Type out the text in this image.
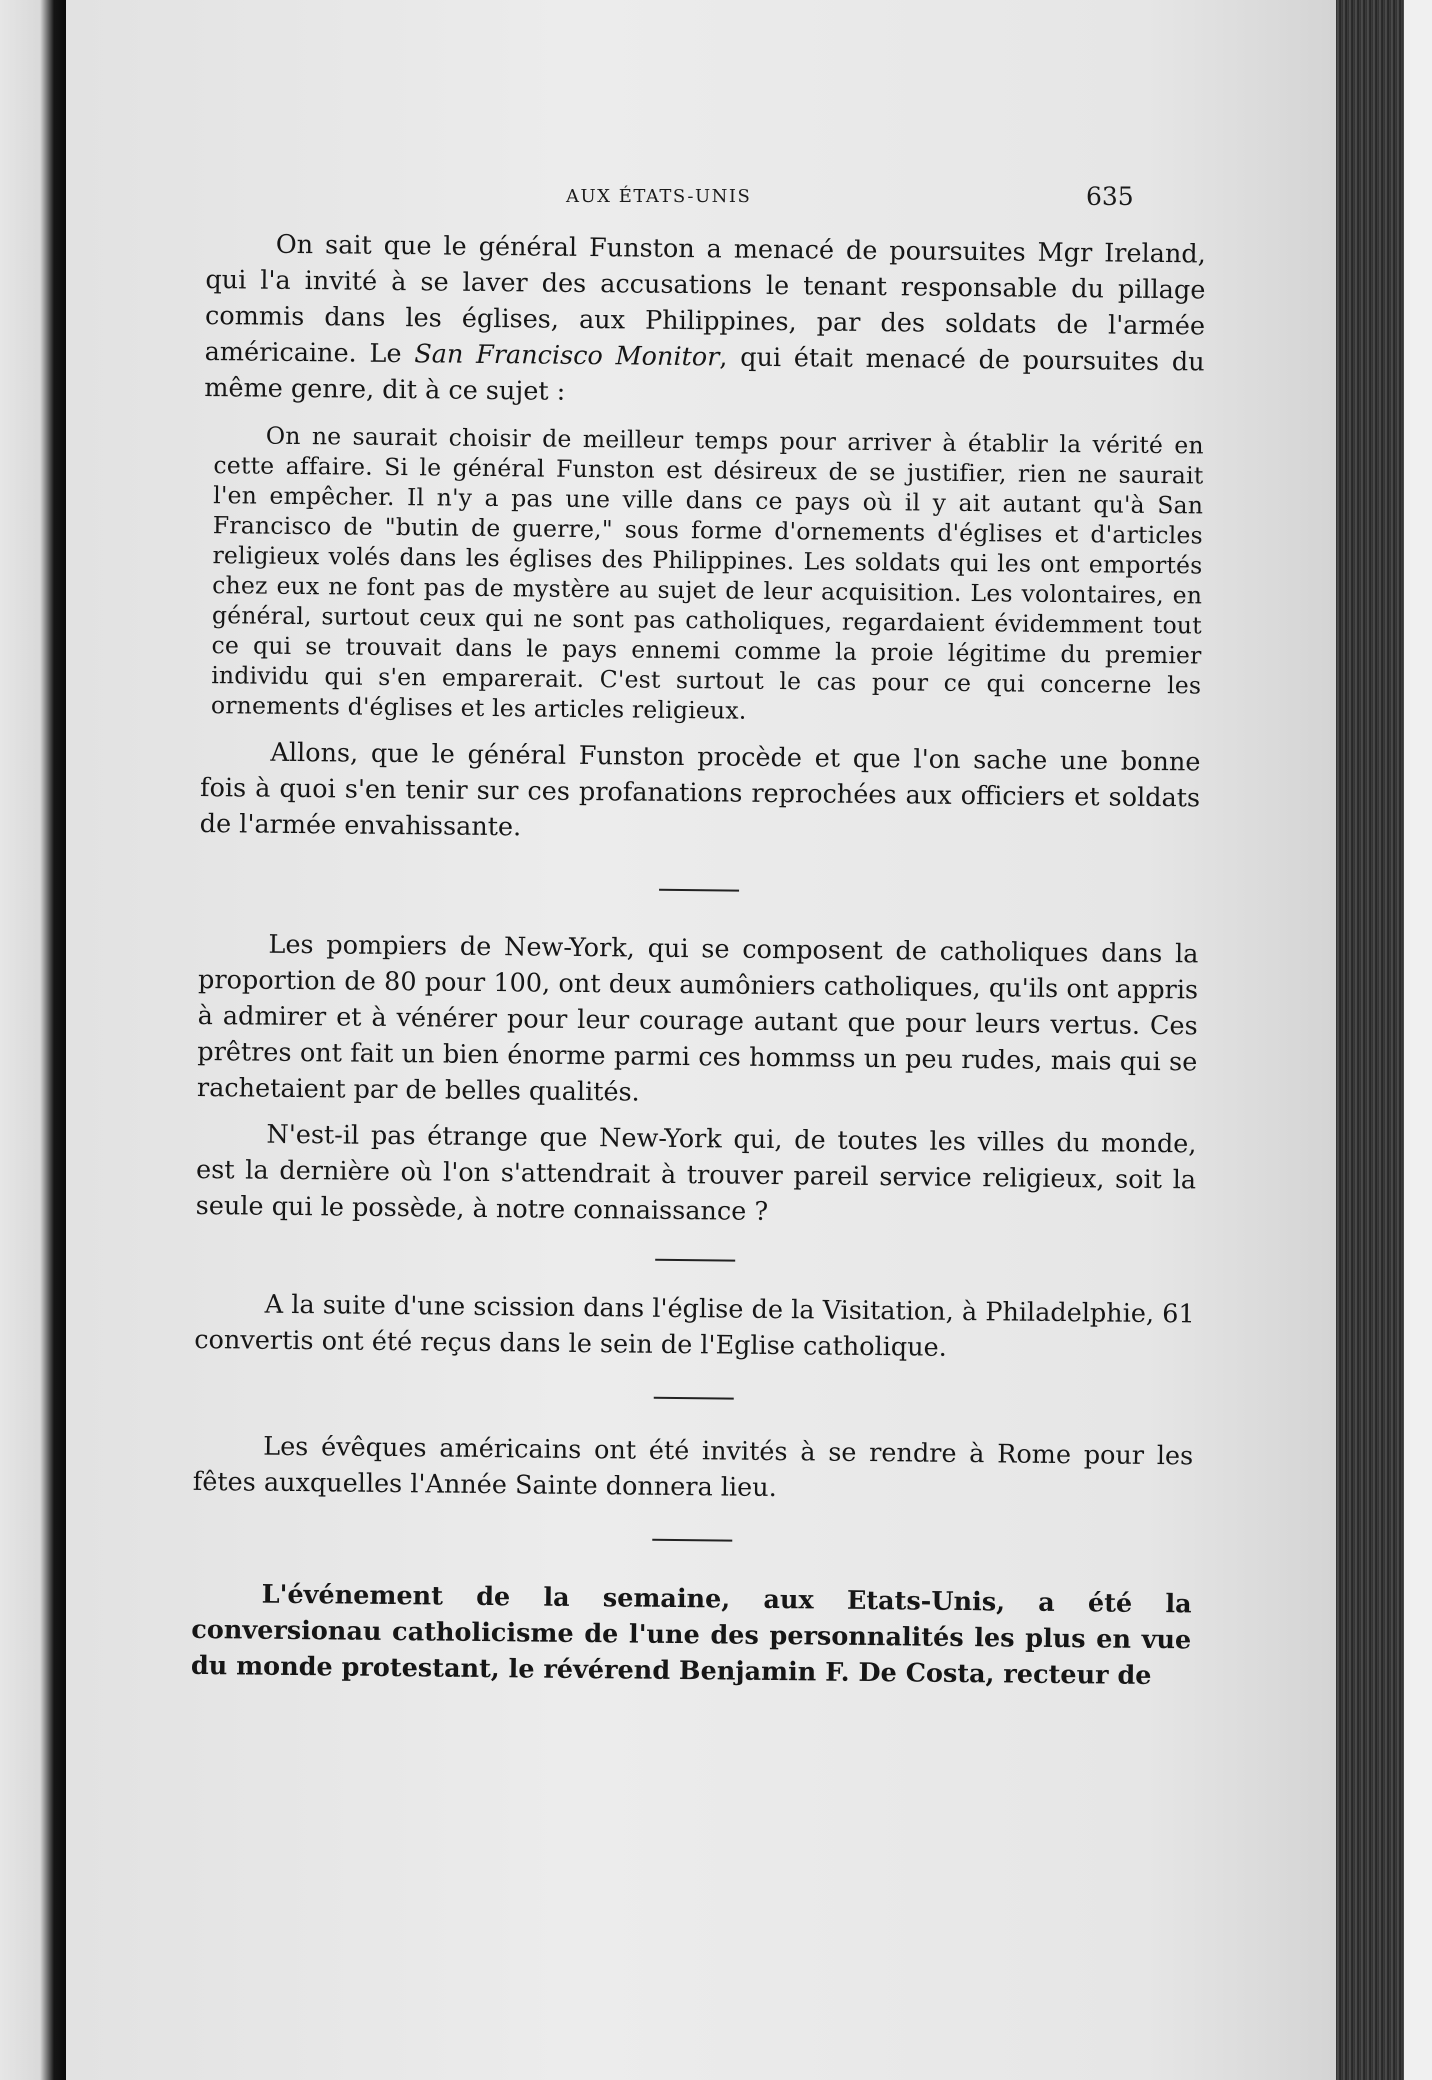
AUX ÉTATS-UNIS	635

On sait que le général Funston a menacé de poursuites Mgr Ireland, qui l'a invité à se laver des accusations le tenant responsable du pillage commis dans les églises, aux Philippines, par des soldats de l'armée américaine. Le San Francisco Monitor, qui était menacé de poursuites du même genre, dit à ce sujet :

On ne saurait choisir de meilleur temps pour arriver à établir la vérité en cette affaire. Si le général Funston est désireux de se justifier, rien ne saurait l'en empêcher. Il n'y a pas une ville dans ce pays où il y ait autant qu'à San Francisco de "butin de guerre," sous forme d'ornements d'églises et d'articles religieux volés dans les églises des Philippines. Les soldats qui les ont emportés chez eux ne font pas de mystère au sujet de leur acquisition. Les volontaires, en général, surtout ceux qui ne sont pas catholiques, regardaient évidemment tout ce qui se trouvait dans le pays ennemi comme la proie légitime du premier individu qui s'en emparerait. C'est surtout le cas pour ce qui concerne les ornements d'églises et les articles religieux.

Allons, que le général Funston procède et que l'on sache une bonne fois à quoi s'en tenir sur ces profanations reprochées aux officiers et soldats de l'armée envahissante.

Les pompiers de New-York, qui se composent de catholiques dans la proportion de 80 pour 100, ont deux aumôniers catholiques, qu'ils ont appris à admirer et à vénérer pour leur courage autant que pour leurs vertus. Ces prêtres ont fait un bien énorme parmi ces hommss un peu rudes, mais qui se rachetaient par de belles qualités.

N'est-il pas étrange que New-York qui, de toutes les villes du monde, est la dernière où l'on s'attendrait à trouver pareil service religieux, soit la seule qui le possède, à notre connaissance ?

A la suite d'une scission dans l'église de la Visitation, à Philadelphie, 61 convertis ont été reçus dans le sein de l'Eglise catholique.

Les évêques américains ont été invités à se rendre à Rome pour les fêtes auxquelles l'Année Sainte donnera lieu.

L'événement de la semaine, aux Etats-Unis, a été la conversionau catholicisme de l'une des personnalités les plus en vue du monde protestant, le révérend Benjamin F. De Costa, recteur de
